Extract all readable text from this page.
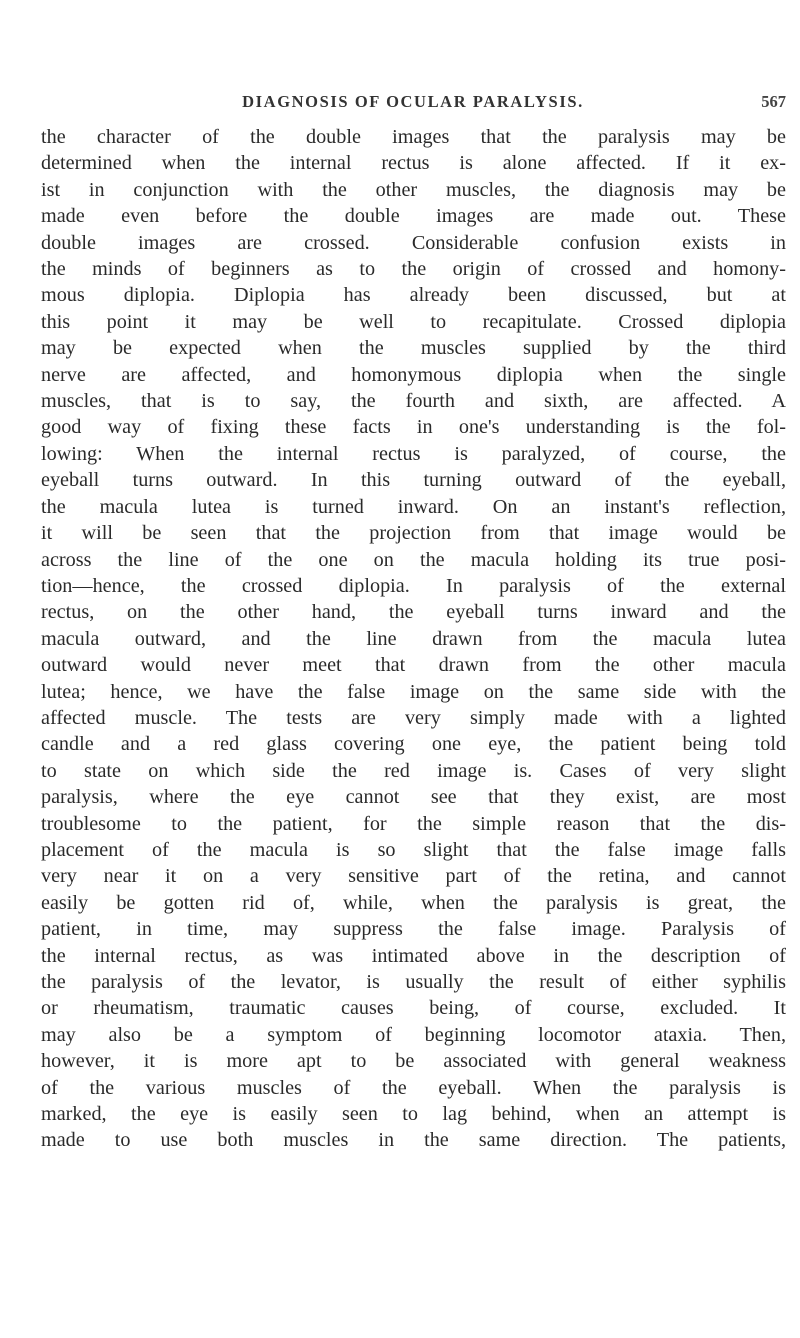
DIAGNOSIS OF OCULAR PARALYSIS.	567
the character of the double images that the paralysis may be
determined when the internal rectus is alone affected. If it ex-
ist in conjunction with the other muscles, the diagnosis may be
made even before the double images are made out. These
double images are crossed. Considerable confusion exists in
the minds of beginners as to the origin of crossed and homony-
mous diplopia. Diplopia has already been discussed, but at
this point it may be well to recapitulate. Crossed diplopia
may be expected when the muscles supplied by the third
nerve are affected, and homonymous diplopia when the single
muscles, that is to say, the fourth and sixth, are affected. A
good way of fixing these facts in one's understanding is the fol-
lowing: When the internal rectus is paralyzed, of course, the
eyeball turns outward. In this turning outward of the eyeball,
the macula lutea is turned inward. On an instant's reflection,
it will be seen that the projection from that image would be
across the line of the one on the macula holding its true posi-
tion—hence, the crossed diplopia. In paralysis of the external
rectus, on the other hand, the eyeball turns inward and the
macula outward, and the line drawn from the macula lutea
outward would never meet that drawn from the other macula
lutea; hence, we have the false image on the same side with the
affected muscle. The tests are very simply made with a lighted
candle and a red glass covering one eye, the patient being told
to state on which side the red image is. Cases of very slight
paralysis, where the eye cannot see that they exist, are most
troublesome to the patient, for the simple reason that the dis-
placement of the macula is so slight that the false image falls
very near it on a very sensitive part of the retina, and cannot
easily be gotten rid of, while, when the paralysis is great, the
patient, in time, may suppress the false image. Paralysis of
the internal rectus, as was intimated above in the description of
the paralysis of the levator, is usually the result of either syphilis
or rheumatism, traumatic causes being, of course, excluded. It
may also be a symptom of beginning locomotor ataxia. Then,
however, it is more apt to be associated with general weakness
of the various muscles of the eyeball. When the paralysis is
marked, the eye is easily seen to lag behind, when an attempt is
made to use both muscles in the same direction. The patients,
